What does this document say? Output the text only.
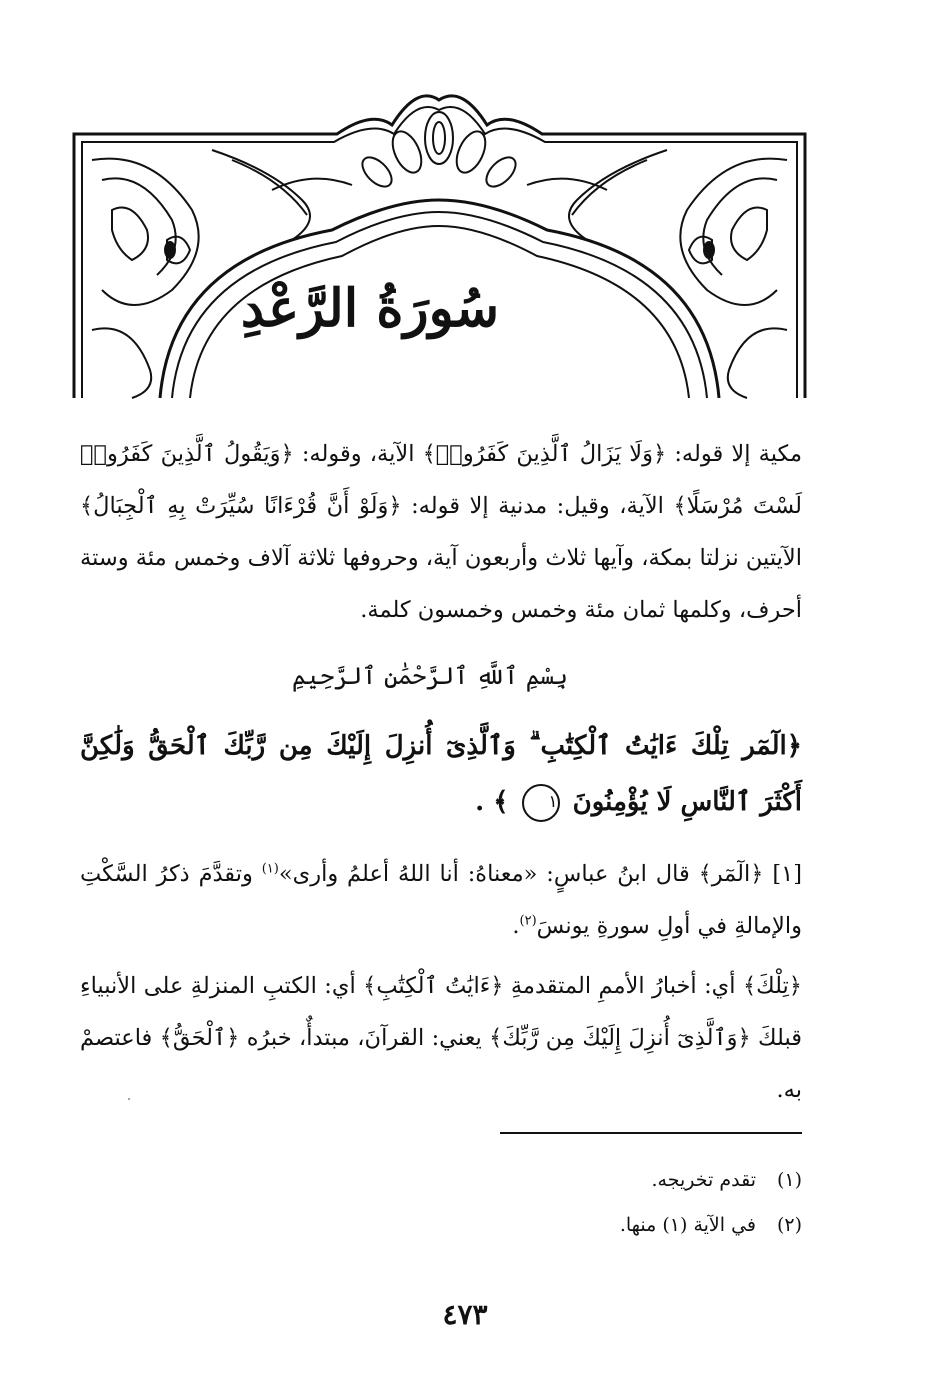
سُورَةُ الرَّعْدِ
مكية إلا قوله: ﴿وَلَا يَزَالُ ٱلَّذِينَ كَفَرُوا۟﴾ الآية، وقوله: ﴿وَيَقُولُ ٱلَّذِينَ كَفَرُوا۟ لَسْتَ مُرْسَلًا﴾ الآية، وقيل: مدنية إلا قوله: ﴿وَلَوْ أَنَّ قُرْءَانًا سُيِّرَتْ بِهِ ٱلْجِبَالُ﴾ الآيتين نزلتا بمكة، وآيها ثلاث وأربعون آية، وحروفها ثلاثة آلاف وخمس مئة وستة أحرف، وكلمها ثمان مئة وخمس وخمسون كلمة.
بِسْمِ ٱللَّهِ ٱلرَّحْمَٰنِ ٱلرَّحِيمِ
﴿الٓمٓر تِلْكَ ءَايَٰتُ ٱلْكِتَٰبِ ۗ وَٱلَّذِىٓ أُنزِلَ إِلَيْكَ مِن رَّبِّكَ ٱلْحَقُّ وَلَٰكِنَّ أَكْثَرَ ٱلنَّاسِ لَا يُؤْمِنُونَ ١ ﴾ .
[١] ﴿الٓمٓر﴾ قال ابنُ عباسٍ: «معناهُ: أنا اللهُ أعلمُ وأرى»$^{(١)}$ وتقدَّمَ ذكرُ السَّكْتِ والإمالةِ في أولِ سورةِ يونسَ$^{(٢)}$.
﴿تِلْكَ﴾ أي: أخبارُ الأممِ المتقدمةِ ﴿ءَايَٰتُ ٱلْكِتَٰبِ﴾ أي: الكتبِ المنزلةِ على الأنبياءِ قبلكَ ﴿وَٱلَّذِىٓ أُنزِلَ إِلَيْكَ مِن رَّبِّكَ﴾ يعني: القرآنَ، مبتدأٌ، خبرُه ﴿ٱلْحَقُّ﴾ فاعتصمْ به.
(١)تقدم تخريجه.
(٢)في الآية (١) منها.
٤٧٣
